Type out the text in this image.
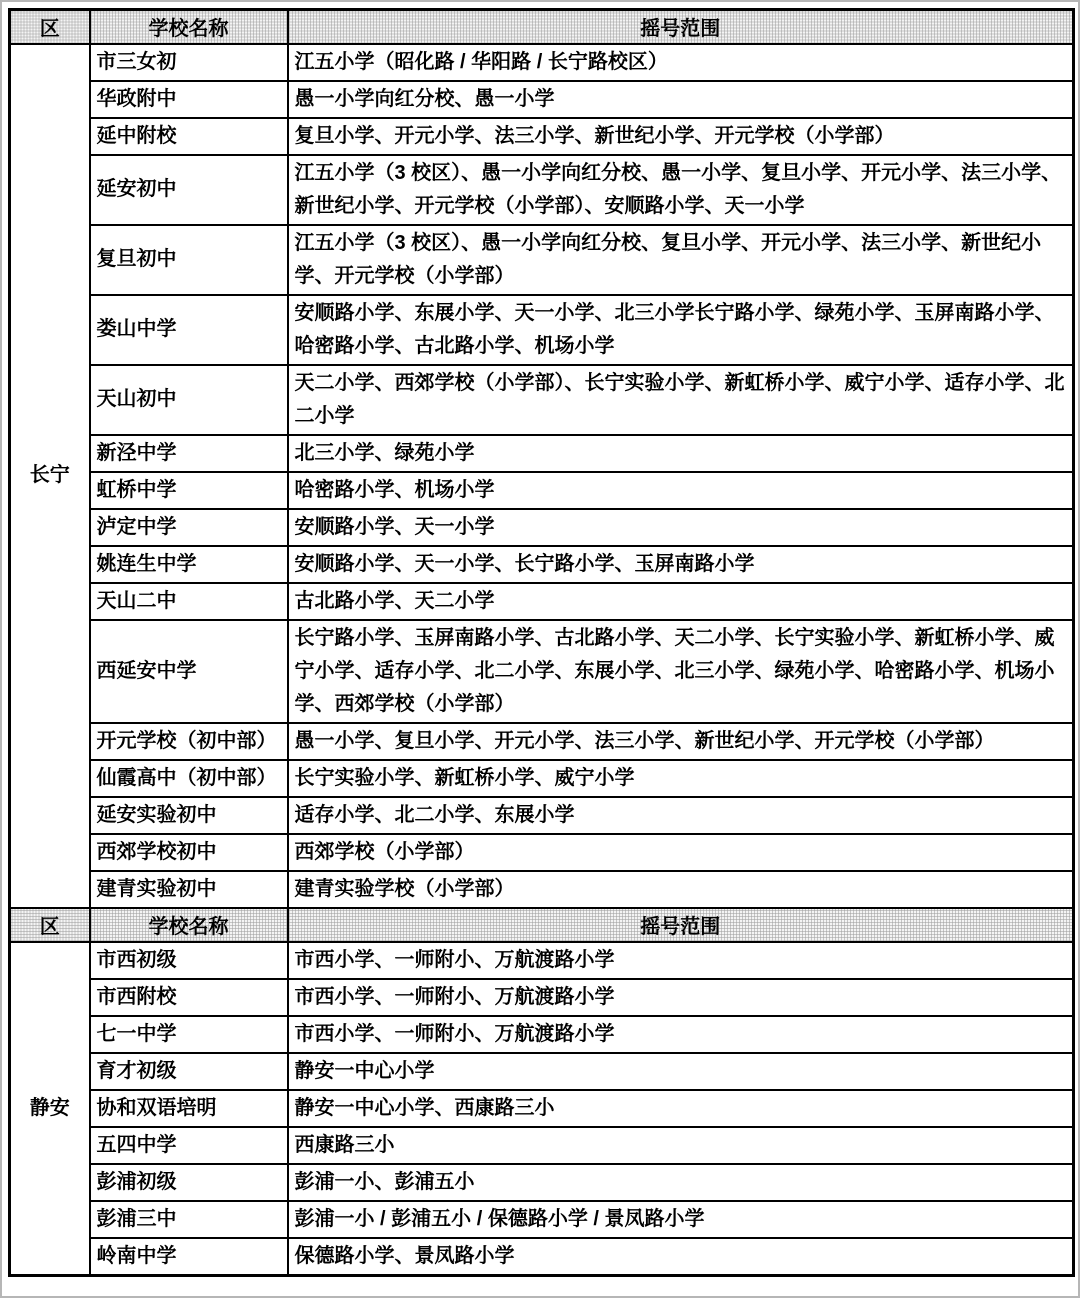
区	学校名称	摇号范围
长宁	市三女初	江五小学（昭化路 / 华阳路 / 长宁路校区）
	华政附中	愚一小学向红分校、愚一小学
	延中附校	复旦小学、开元小学、法三小学、新世纪小学、开元学校（小学部）
	延安初中	江五小学（3 校区）、愚一小学向红分校、愚一小学、复旦小学、开元小学、法三小学、新世纪小学、开元学校（小学部）、安顺路小学、天一小学
	复旦初中	江五小学（3 校区）、愚一小学向红分校、复旦小学、开元小学、法三小学、新世纪小学、开元学校（小学部）
	娄山中学	安顺路小学、东展小学、天一小学、北三小学长宁路小学、绿苑小学、玉屏南路小学、哈密路小学、古北路小学、机场小学
	天山初中	天二小学、西郊学校（小学部）、长宁实验小学、新虹桥小学、威宁小学、适存小学、北二小学
	新泾中学	北三小学、绿苑小学
	虹桥中学	哈密路小学、机场小学
	泸定中学	安顺路小学、天一小学
	姚连生中学	安顺路小学、天一小学、长宁路小学、玉屏南路小学
	天山二中	古北路小学、天二小学
	西延安中学	长宁路小学、玉屏南路小学、古北路小学、天二小学、长宁实验小学、新虹桥小学、威宁小学、适存小学、北二小学、东展小学、北三小学、绿苑小学、哈密路小学、机场小学、西郊学校（小学部）
	开元学校（初中部）	愚一小学、复旦小学、开元小学、法三小学、新世纪小学、开元学校（小学部）
	仙霞高中（初中部）	长宁实验小学、新虹桥小学、威宁小学
	延安实验初中	适存小学、北二小学、东展小学
	西郊学校初中	西郊学校（小学部）
	建青实验初中	建青实验学校（小学部）
区	学校名称	摇号范围
静安	市西初级	市西小学、一师附小、万航渡路小学
	市西附校	市西小学、一师附小、万航渡路小学
	七一中学	市西小学、一师附小、万航渡路小学
	育才初级	静安一中心小学
	协和双语培明	静安一中心小学、西康路三小
	五四中学	西康路三小
	彭浦初级	彭浦一小、彭浦五小
	彭浦三中	彭浦一小 / 彭浦五小 / 保德路小学 / 景凤路小学
	岭南中学	保德路小学、景凤路小学
